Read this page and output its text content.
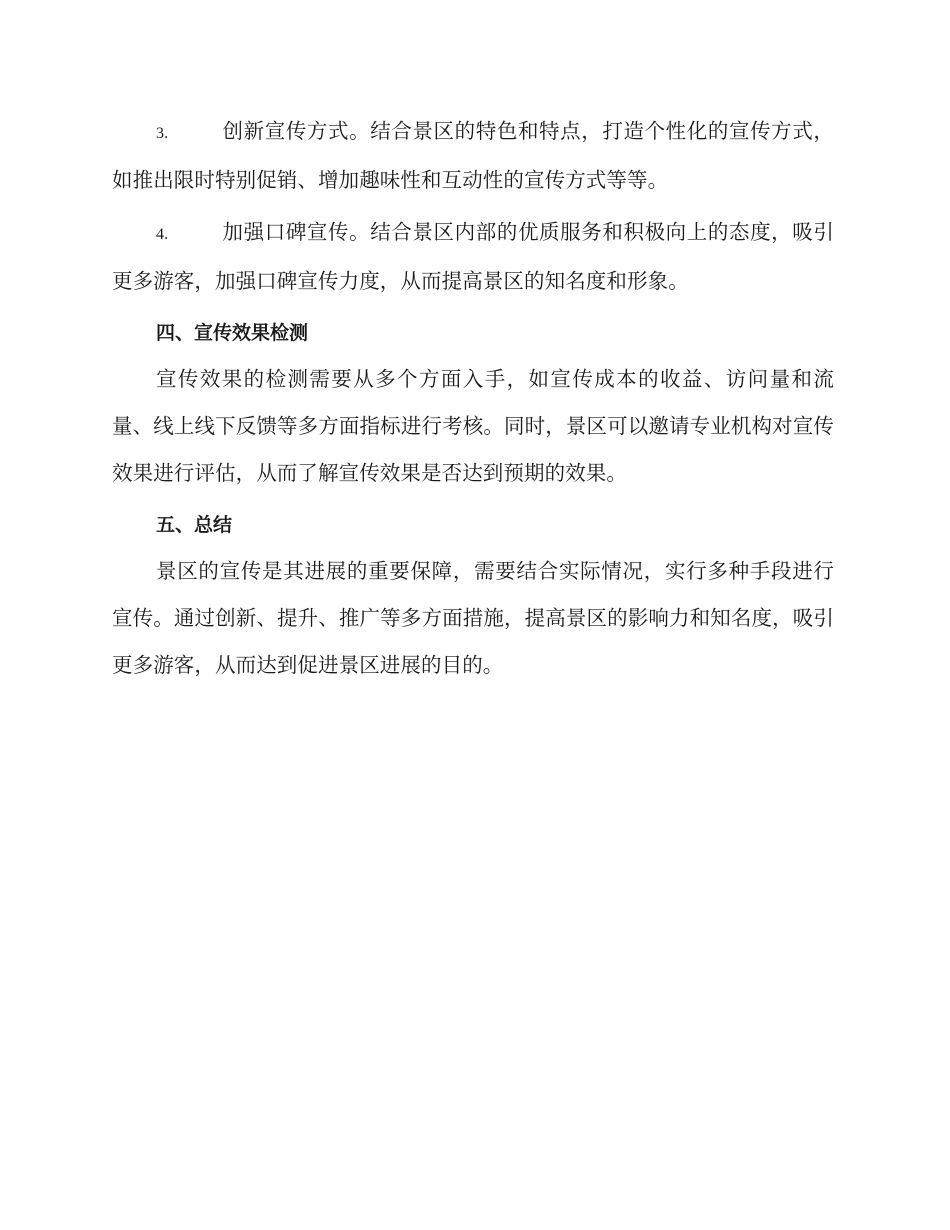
3.	创新宣传方式。结合景区的特色和特点，打造个性化的宣传方式，如推出限时特别促销、增加趣味性和互动性的宣传方式等等。

4.	加强口碑宣传。结合景区内部的优质服务和积极向上的态度，吸引更多游客，加强口碑宣传力度，从而提高景区的知名度和形象。

四、宣传效果检测

宣传效果的检测需要从多个方面入手，如宣传成本的收益、访问量和流量、线上线下反馈等多方面指标进行考核。同时，景区可以邀请专业机构对宣传效果进行评估，从而了解宣传效果是否达到预期的效果。

五、总结

景区的宣传是其进展的重要保障，需要结合实际情况，实行多种手段进行宣传。通过创新、提升、推广等多方面措施，提高景区的影响力和知名度，吸引更多游客，从而达到促进景区进展的目的。
